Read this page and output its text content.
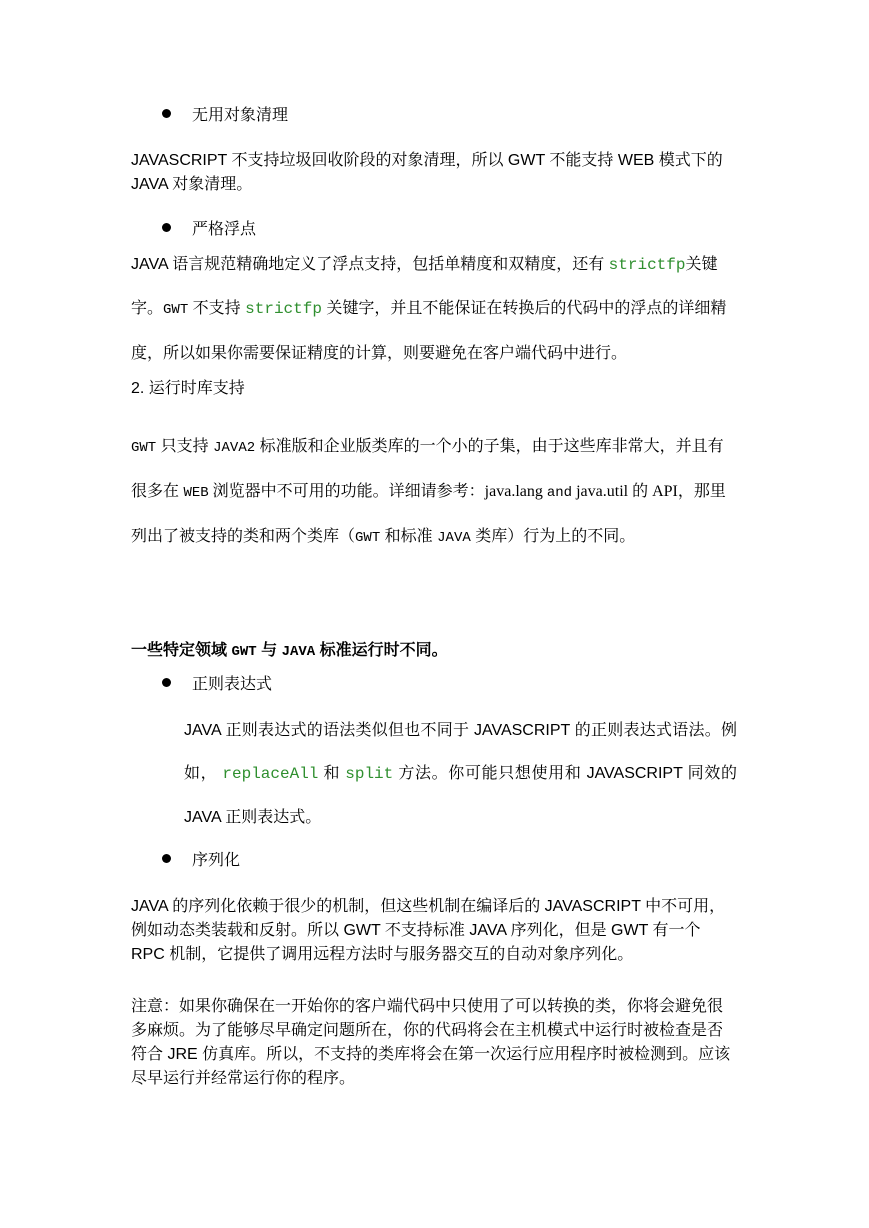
无用对象清理
JAVASCRIPT 不支持垃圾回收阶段的对象清理，所以 GWT 不能支持 WEB 模式下的 JAVA 对象清理。
严格浮点
JAVA 语言规范精确地定义了浮点支持，包括单精度和双精度，还有 strictfp关键字。GWT 不支持 strictfp 关键字，并且不能保证在转换后的代码中的浮点的详细精度，所以如果你需要保证精度的计算，则要避免在客户端代码中进行。
2. 运行时库支持
GWT 只支持 JAVA2 标准版和企业版类库的一个小的子集，由于这些库非常大，并且有很多在 WEB 浏览器中不可用的功能。详细请参考：java.lang and java.util 的 API，那里列出了被支持的类和两个类库（GWT 和标准 JAVA 类库）行为上的不同。
一些特定领域 GWT 与 JAVA 标准运行时不同。
正则表达式
JAVA 正则表达式的语法类似但也不同于 JAVASCRIPT 的正则表达式语法。例如， replaceAll 和 split 方法。你可能只想使用和 JAVASCRIPT 同效的 JAVA 正则表达式。
序列化
JAVA 的序列化依赖于很少的机制，但这些机制在编译后的 JAVASCRIPT 中不可用，例如动态类装载和反射。所以 GWT 不支持标准 JAVA 序列化，但是 GWT 有一个 RPC 机制，它提供了调用远程方法时与服务器交互的自动对象序列化。
注意：如果你确保在一开始你的客户端代码中只使用了可以转换的类，你将会避免很多麻烦。为了能够尽早确定问题所在，你的代码将会在主机模式中运行时被检查是否符合 JRE 仿真库。所以，不支持的类库将会在第一次运行应用程序时被检测到。应该尽早运行并经常运行你的程序。
